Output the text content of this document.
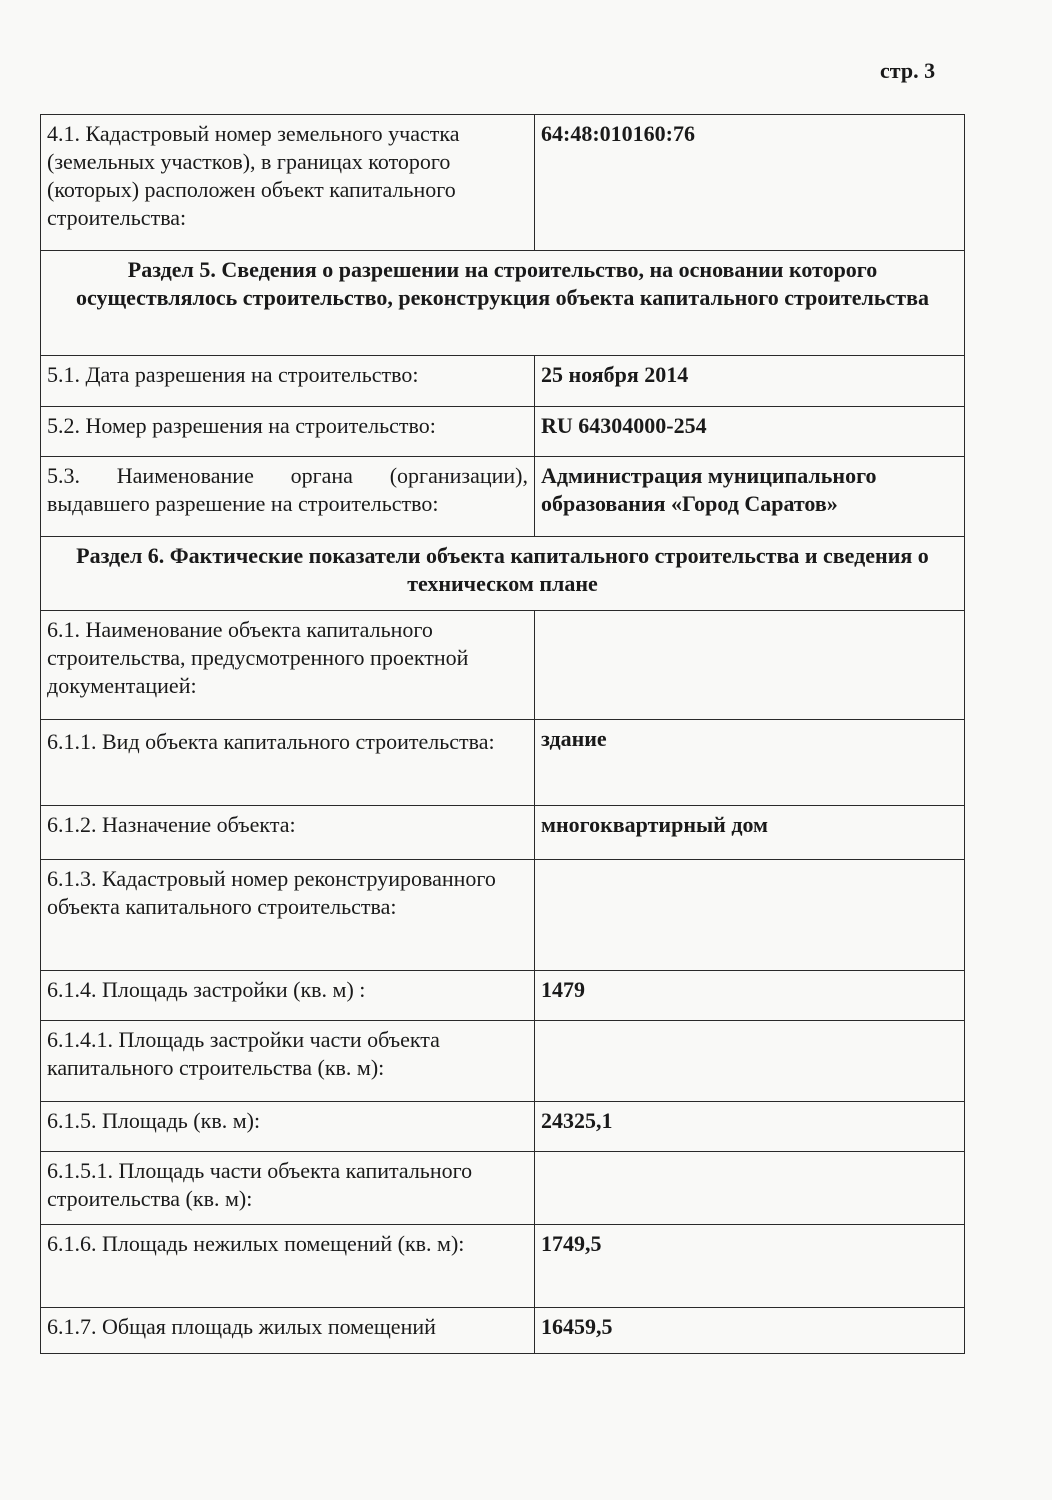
стр. 3
4.1. Кадастровый номер земельного участка (земельных участков), в границах которого (которых) расположен объект капитального строительства:	64:48:010160:76
Раздел 5. Сведения о разрешении на строительство, на основании которого осуществлялось строительство, реконструкция объекта капитального строительства	
5.1. Дата разрешения на строительство:	25 ноября 2014
5.2. Номер разрешения на строительство:	RU 64304000-254
5.3. Наименование органа (организации), выдавшего разрешение на строительство:	Администрация муниципального образования «Город Саратов»
Раздел 6. Фактические показатели объекта капитального строительства и сведения о техническом плане	
6.1. Наименование объекта капитального строительства, предусмотренного проектной документацией:	
6.1.1. Вид объекта капитального строительства:	здание
6.1.2. Назначение объекта:	многоквартирный дом
6.1.3. Кадастровый номер реконструированного объекта капитального строительства:	
6.1.4. Площадь застройки (кв. м) :	1479
6.1.4.1. Площадь застройки части объекта капитального строительства (кв. м):	
6.1.5. Площадь (кв. м):	24325,1
6.1.5.1. Площадь части объекта капитального строительства (кв. м):	
6.1.6. Площадь нежилых помещений (кв. м):	1749,5
6.1.7. Общая площадь жилых помещений	16459,5
